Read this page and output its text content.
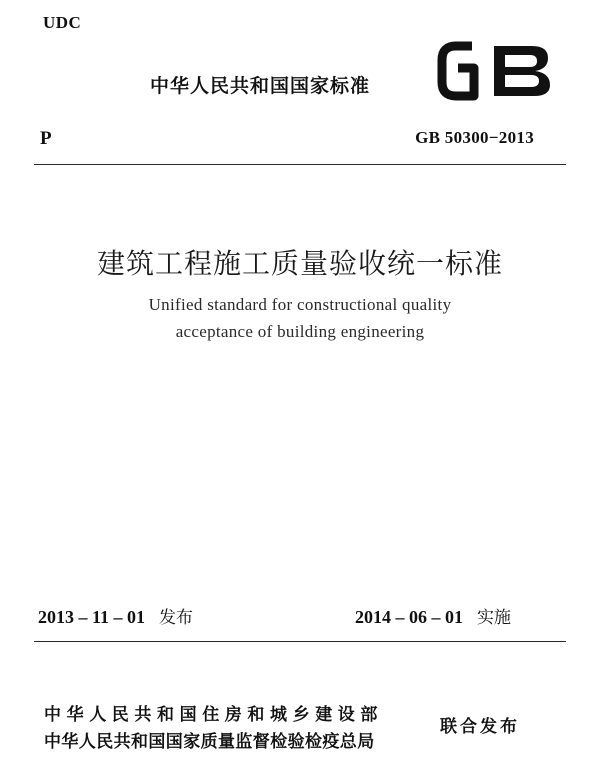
UDC
中华人民共和国国家标准
P	GB 50300−2013
建筑工程施工质量验收统一标准
Unified standard for constructional quality
acceptance of building engineering
2013 – 11 – 01 发布	2014 – 06 – 01 实施
中华人民共和国住房和城乡建设部
中华人民共和国国家质量监督检验检疫总局
联合发布
